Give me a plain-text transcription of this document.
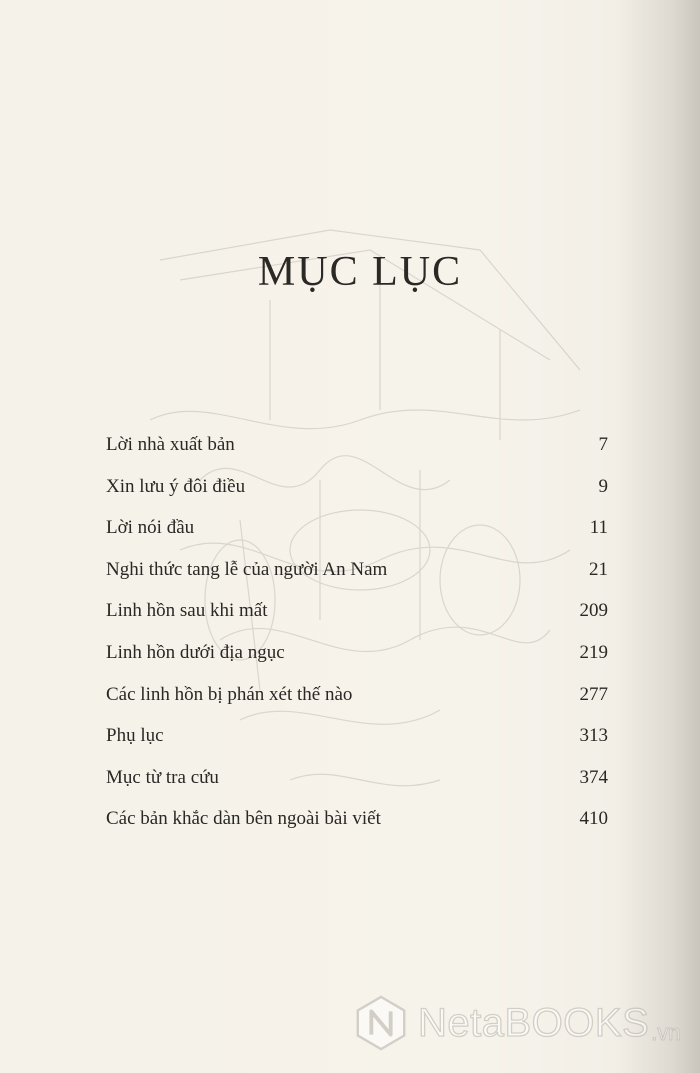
MỤC LỤC
Lời nhà xuất bản	7
Xin lưu ý đôi điều	9
Lời nói đầu	11
Nghi thức tang lễ của người An Nam	21
Linh hồn sau khi mất	209
Linh hồn dưới địa ngục	219
Các linh hồn bị phán xét thế nào	277
Phụ lục	313
Mục từ tra cứu	374
Các bản khắc dàn bên ngoài bài viết	410
NetaBOOKS .vn
